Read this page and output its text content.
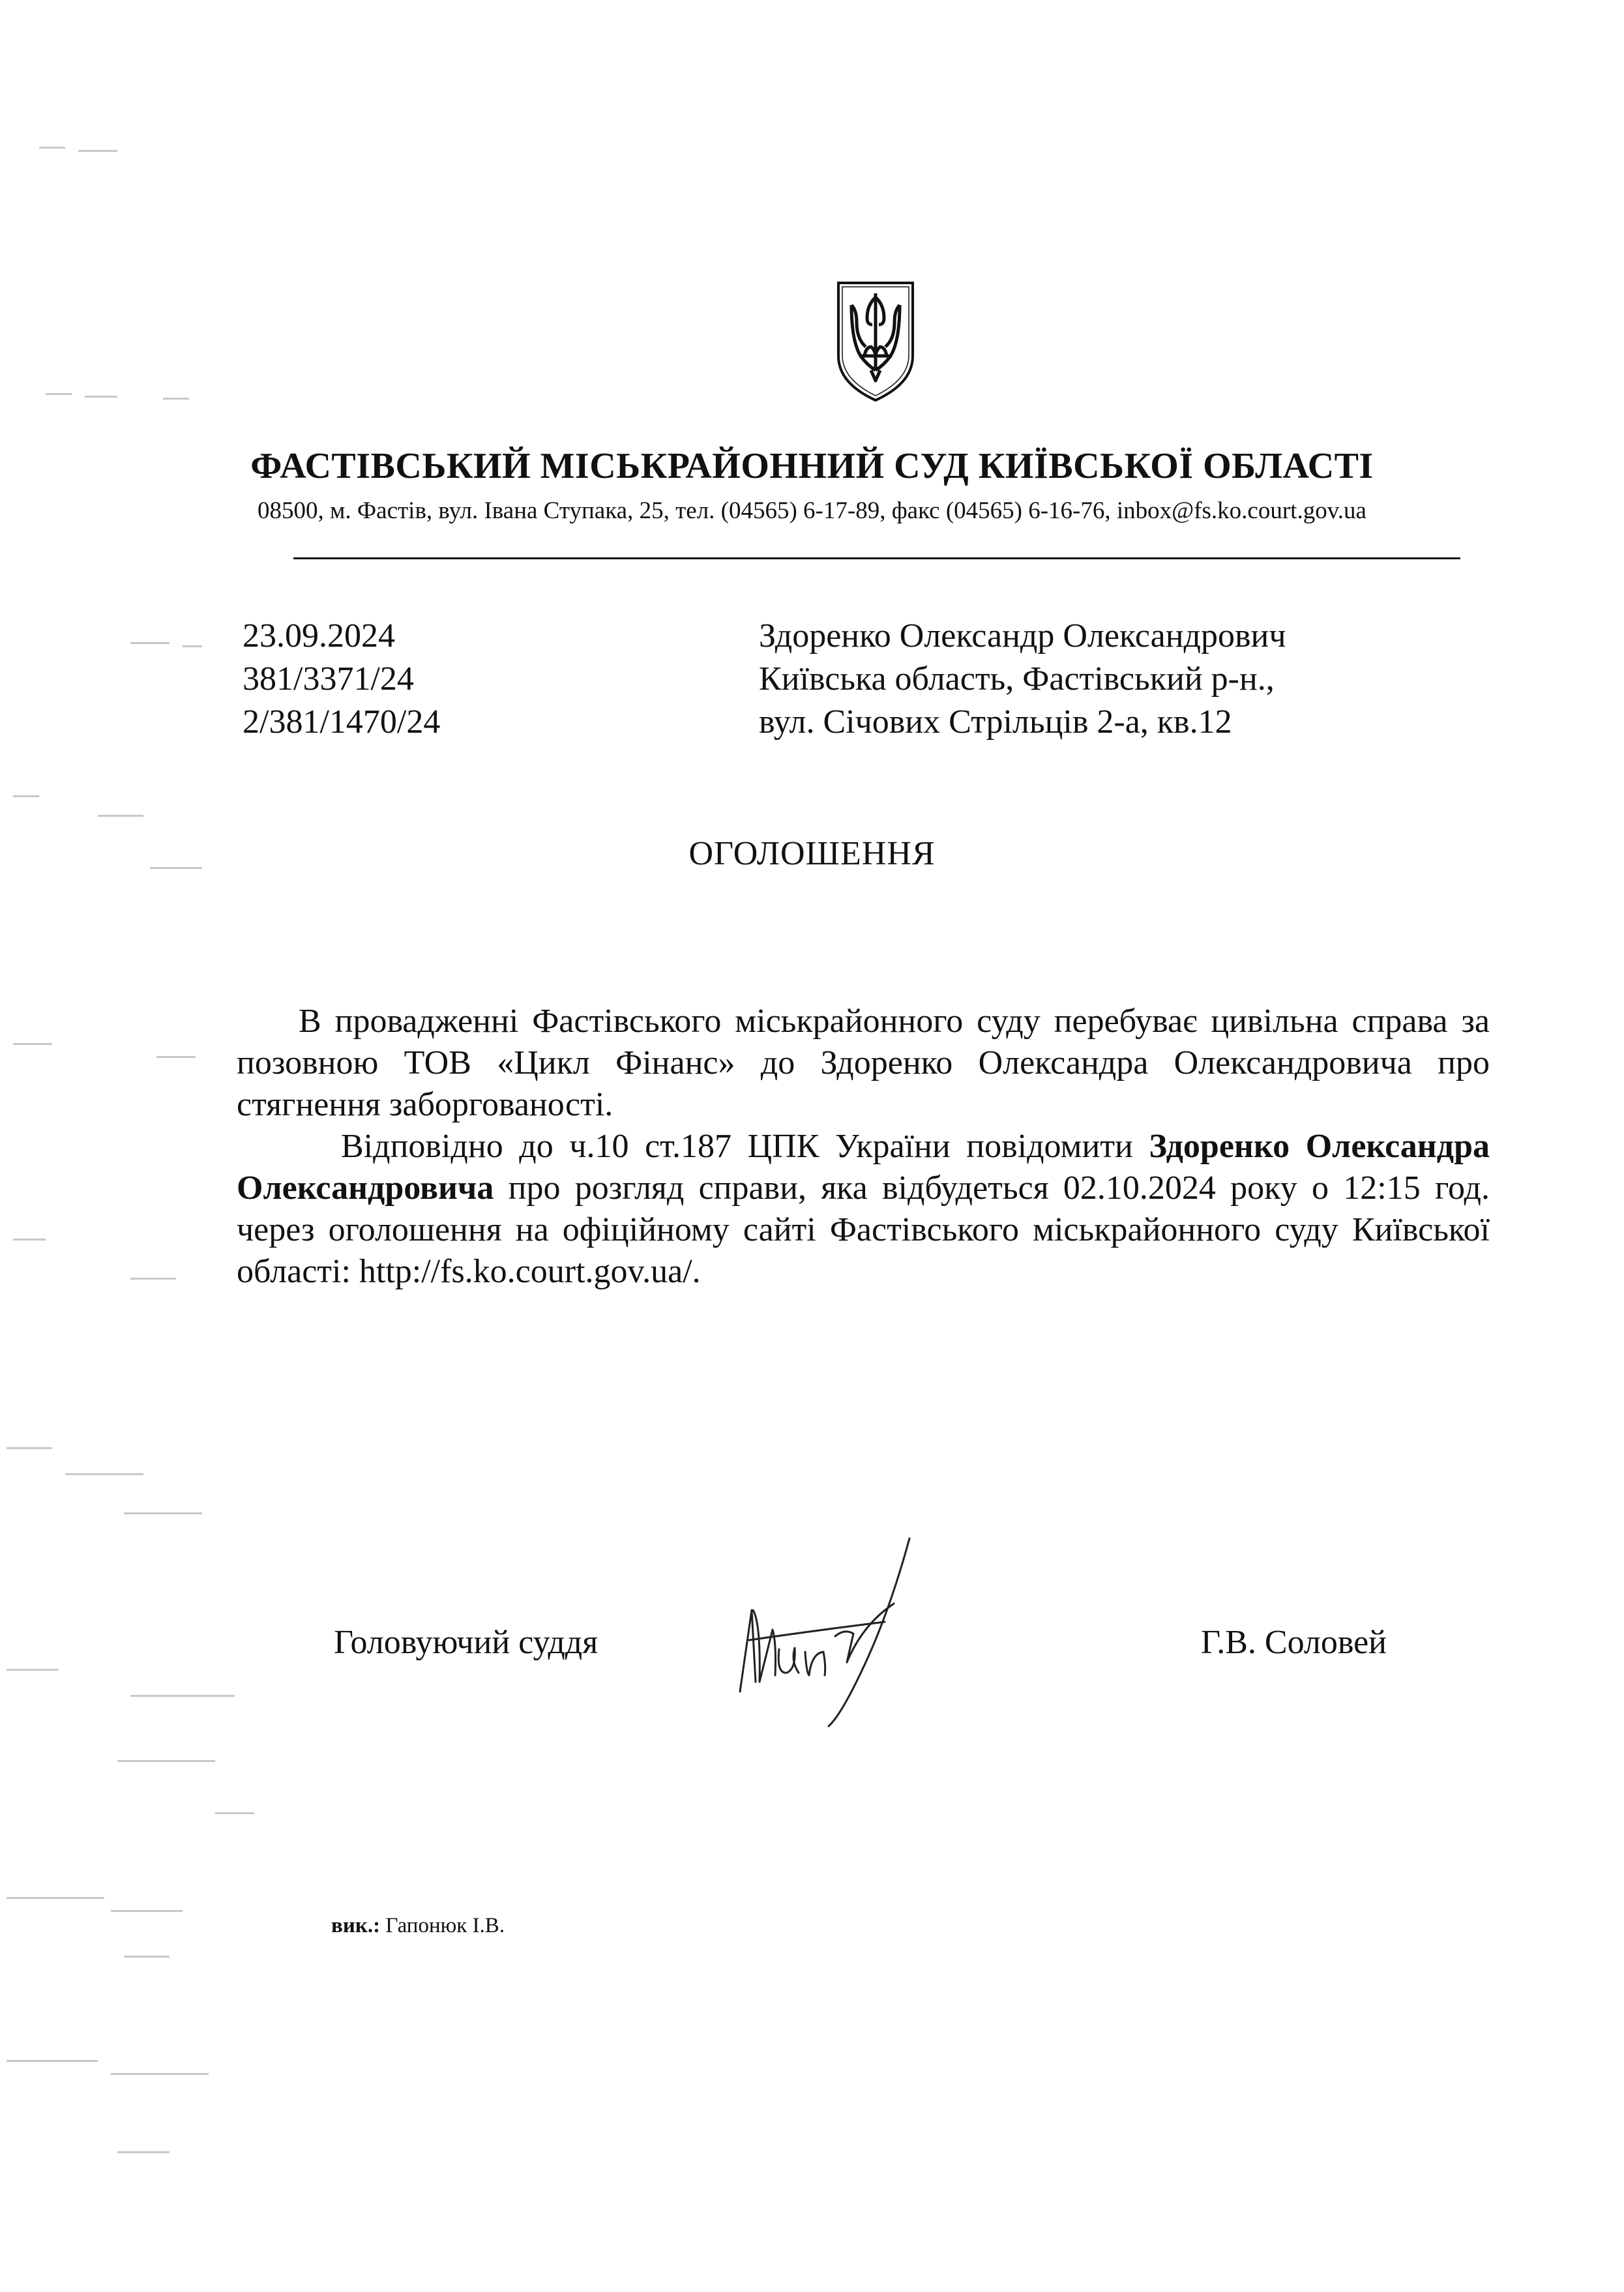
ФАСТІВСЬКИЙ МІСЬКРАЙОННИЙ СУД КИЇВСЬКОЇ ОБЛАСТІ
08500, м. Фастів, вул. Івана Ступака, 25, тел. (04565) 6-17-89, факс (04565) 6-16-76, inbox@fs.ko.court.gov.ua
23.09.2024
381/3371/24
2/381/1470/24
Здоренко Олександр Олександрович
Київська область, Фастівський р-н.,
вул. Січових Стрільців 2-а, кв.12
ОГОЛОШЕННЯ

В провадженні Фастівського міськрайонного суду перебуває цивільна справа за позовною ТОВ «Цикл Фінанс» до Здоренко Олександра Олександровича про стягнення заборгованості.

Відповідно до ч.10 ст.187 ЦПК України повідомити Здоренко Олександра Олександровича про розгляд справи, яка відбудеться 02.10.2024 року о 12:15 год. через оголошення на офіційному сайті Фастівського міськрайонного суду Київської області: http://fs.ko.court.gov.ua/.

Головуючий суддя	Г.В. Соловей
вик.: Гапонюк І.В.
